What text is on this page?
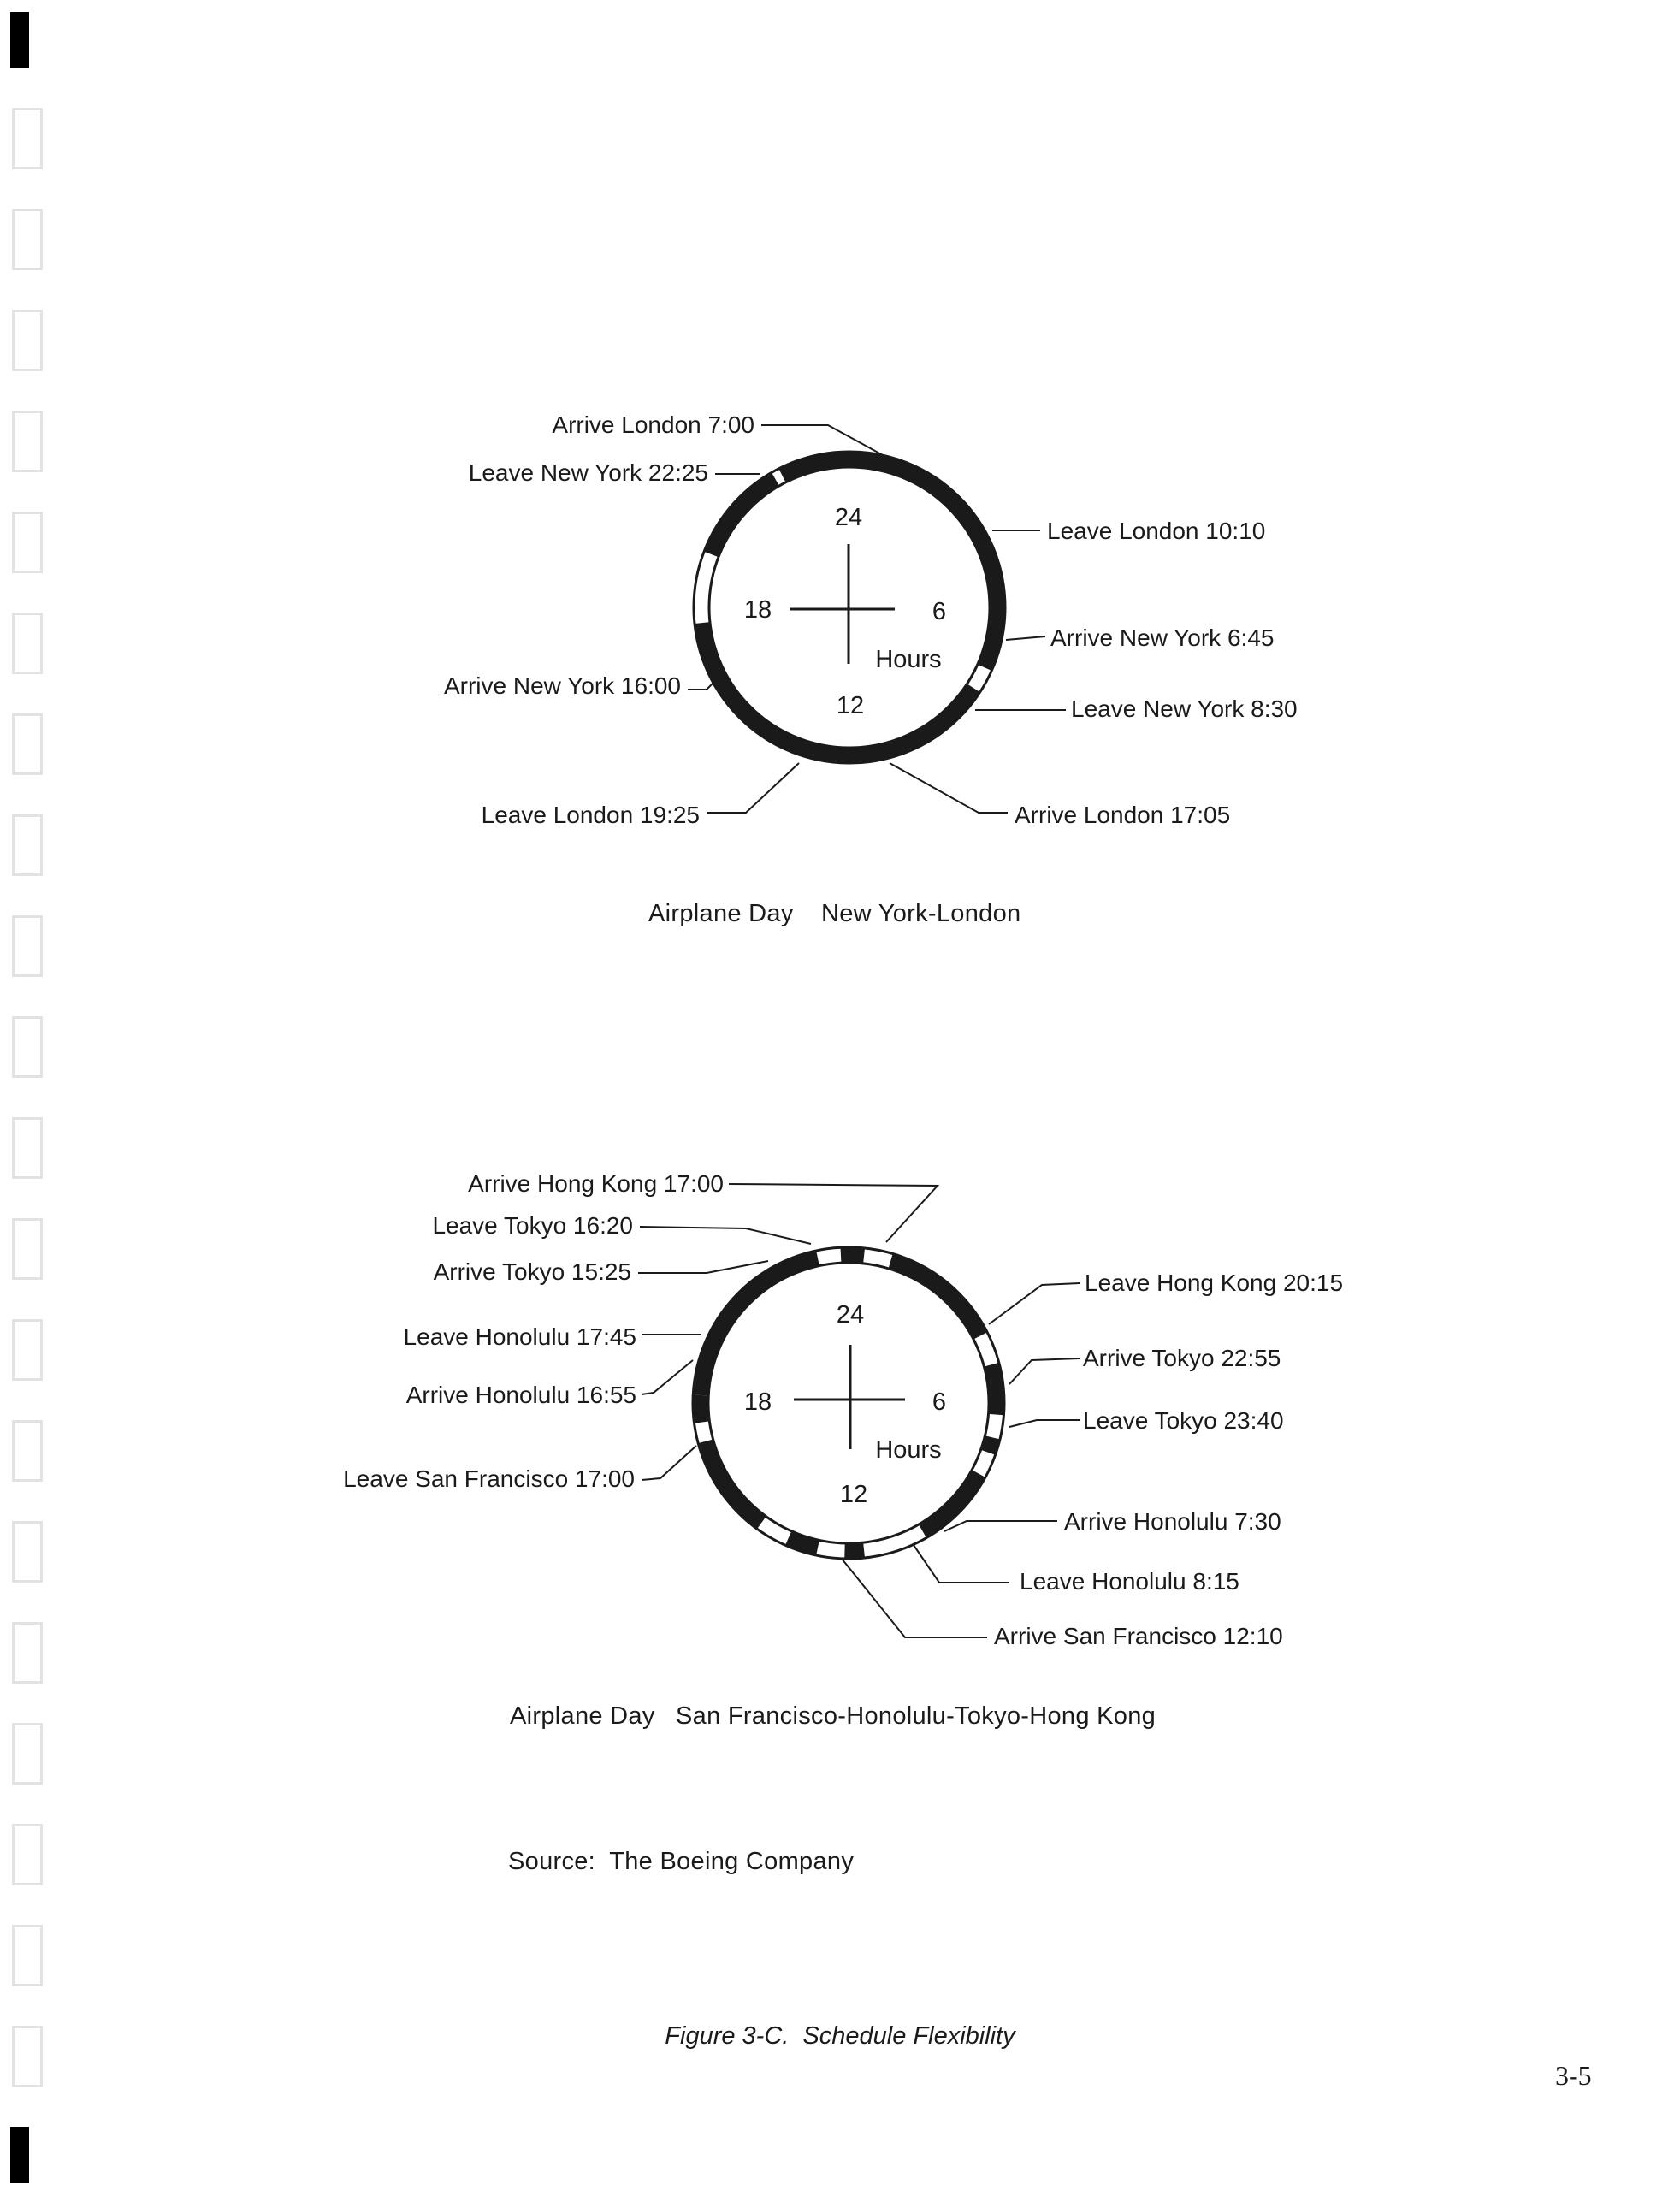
24
6
12
18
Hours
Arrive London 7:00
Leave New York 22:25
Leave London 10:10
Arrive New York 6:45
Arrive New York 16:00
Leave New York 8:30
Leave London 19:25	Arrive London 17:05
24
6
12
18
Hours
Arrive Hong Kong 17:00
Leave Tokyo 16:20
Arrive Tokyo 15:25
Leave Honolulu 17:45
Arrive Honolulu 16:55
Leave San Francisco 17:00
Leave Hong Kong 20:15
Arrive Tokyo 22:55
Leave Tokyo 23:40
Arrive Honolulu 7:30
Leave Honolulu 8:15
Arrive San Francisco 12:10
Airplane Day New York-London
Airplane Day San Francisco-Honolulu-Tokyo-Hong Kong
Source:  The Boeing Company
Figure 3-C.  Schedule Flexibility
3-5
